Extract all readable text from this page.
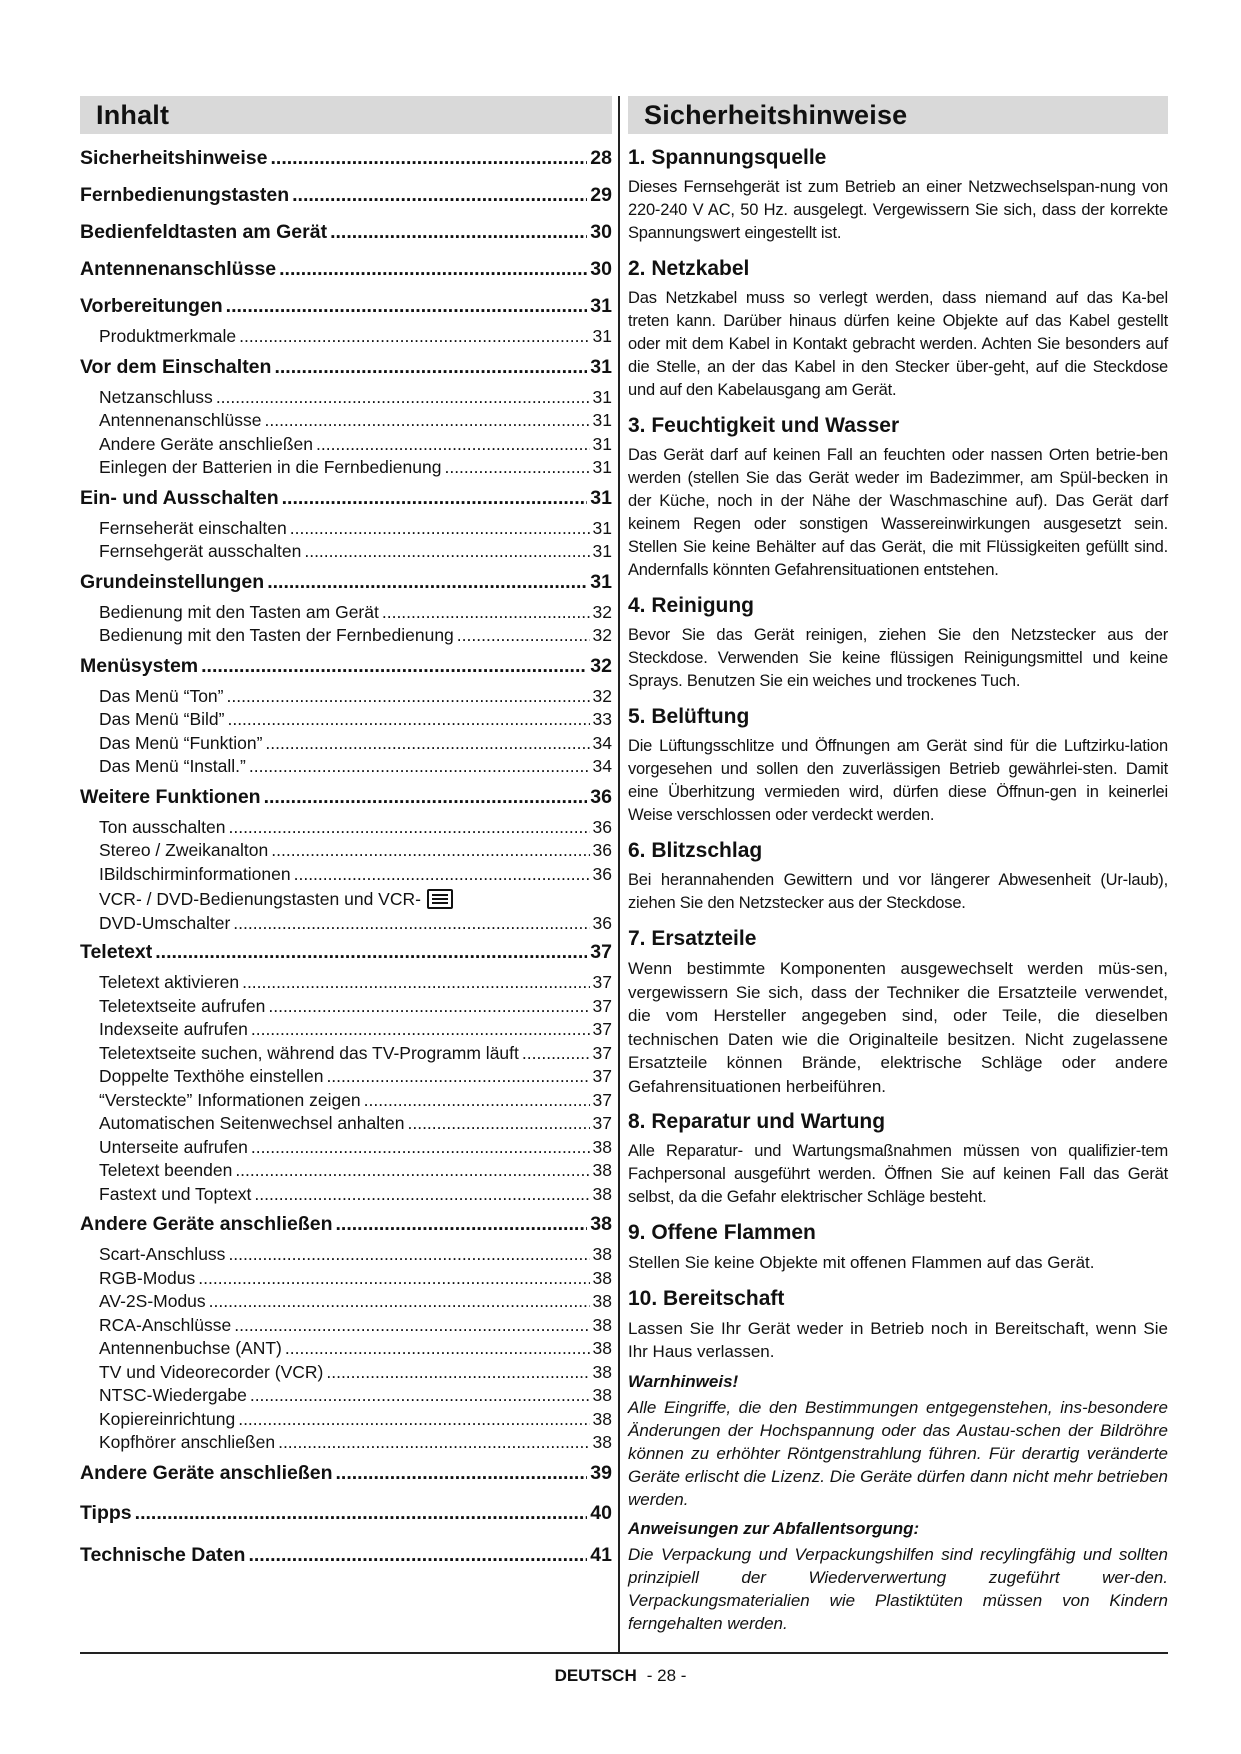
Inhalt
Sicherheitshinweise .....	28
Fernbedienungstasten .....	29
Bedienfeldtasten am Gerät .....	30
Antennenanschlüsse .....	30
Vorbereitungen .....	31
Produktmerkmale .....	31
Vor dem Einschalten .....	31
Netzanschluss .....	31
Antennenanschlüsse .....	31
Andere Geräte anschließen .....	31
Einlegen der Batterien in die Fernbedienung .....	31
Ein- und Ausschalten .....	31
Fernseherät einschalten .....	31
Fernsehgerät ausschalten .....	31
Grundeinstellungen .....	31
Bedienung mit den Tasten am Gerät .....	32
Bedienung mit den Tasten der Fernbedienung .....	32
Menüsystem .....	32
Das Menü “Ton” .....	32
Das Menü “Bild” .....	33
Das Menü “Funktion” .....	34
Das Menü “Install.” .....	34
Weitere Funktionen .....	36
Ton ausschalten .....	36
Stereo / Zweikanalton .....	36
IBildschirminformationen .....	36
VCR- / DVD-Bedienungstasten und VCR-
DVD-Umschalter .....	36
Teletext .....	37
Teletext aktivieren .....	37
Teletextseite aufrufen .....	37
Indexseite aufrufen .....	37
Teletextseite suchen, während das TV-Programm läuft .....	37
Doppelte Texthöhe einstellen .....	37
“Versteckte” Informationen zeigen .....	37
Automatischen Seitenwechsel anhalten .....	37
Unterseite aufrufen .....	38
Teletext beenden .....	38
Fastext und Toptext .....	38
Andere Geräte anschließen .....	38
Scart-Anschluss .....	38
RGB-Modus .....	38
AV-2S-Modus .....	38
RCA-Anschlüsse .....	38
Antennenbuchse (ANT) .....	38
TV und Videorecorder (VCR) .....	38
NTSC-Wiedergabe .....	38
Kopiereinrichtung .....	38
Kopfhörer anschließen .....	38
Andere Geräte anschließen .....	39
Tipps .....	40
Technische Daten .....	41
Sicherheitshinweise
1. Spannungsquelle
Dieses Fernsehgerät ist zum Betrieb an einer Netzwechselspan-nung von 220-240 V AC, 50 Hz. ausgelegt. Vergewissern Sie sich, dass der korrekte Spannungswert eingestellt ist.
2. Netzkabel
Das Netzkabel muss so verlegt werden, dass niemand auf das Ka-bel treten kann. Darüber hinaus dürfen keine Objekte auf das Kabel gestellt oder mit dem Kabel in Kontakt gebracht werden. Achten Sie besonders auf die Stelle, an der das Kabel in den Stecker über-geht, auf die Steckdose und auf den Kabelausgang am Gerät.
3. Feuchtigkeit und Wasser
Das Gerät darf auf keinen Fall an feuchten oder nassen Orten betrie-ben werden (stellen Sie das Gerät weder im Badezimmer, am Spül-becken in der Küche, noch in der Nähe der Waschmaschine auf). Das Gerät darf keinem Regen oder sonstigen Wassereinwirkungen ausgesetzt sein. Stellen Sie keine Behälter auf das Gerät, die mit Flüssigkeiten gefüllt sind. Andernfalls könnten Gefahrensituationen entstehen.
4. Reinigung
Bevor Sie das Gerät reinigen, ziehen Sie den Netzstecker aus der Steckdose. Verwenden Sie keine flüssigen Reinigungsmittel und keine Sprays. Benutzen Sie ein weiches und trockenes Tuch.
5. Belüftung
Die Lüftungsschlitze und Öffnungen am Gerät sind für die Luftzirku-lation vorgesehen und sollen den zuverlässigen Betrieb gewährlei-sten. Damit eine Überhitzung vermieden wird, dürfen diese Öffnun-gen in keinerlei Weise verschlossen oder verdeckt werden.
6. Blitzschlag
Bei herannahenden Gewittern und vor längerer Abwesenheit (Ur-laub), ziehen Sie den Netzstecker aus der Steckdose.
7. Ersatzteile
Wenn bestimmte Komponenten ausgewechselt werden müs-sen, vergewissern Sie sich, dass der Techniker die Ersatzteile verwendet, die vom Hersteller angegeben sind, oder Teile, die dieselben technischen Daten wie die Originalteile besitzen. Nicht zugelassene Ersatzteile können Brände, elektrische Schläge oder andere Gefahrensituationen herbeiführen.
8. Reparatur und Wartung
Alle Reparatur- und Wartungsmaßnahmen müssen von qualifizier-tem Fachpersonal ausgeführt werden. Öffnen Sie auf keinen Fall das Gerät selbst, da die Gefahr elektrischer Schläge besteht.
9. Offene Flammen
Stellen Sie keine Objekte mit offenen Flammen auf das Gerät.
10. Bereitschaft
Lassen Sie Ihr Gerät weder in Betrieb noch in Bereitschaft, wenn Sie Ihr Haus verlassen.
Warnhinweis!
Alle Eingriffe, die den Bestimmungen entgegenstehen, ins-besondere Änderungen der Hochspannung oder das Austau-schen der Bildröhre können zu erhöhter Röntgenstrahlung führen. Für derartig veränderte Geräte erlischt die Lizenz. Die Geräte dürfen dann nicht mehr betrieben werden.
Anweisungen zur Abfallentsorgung:
Die Verpackung und Verpackungshilfen sind recylingfähig und sollten prinzipiell der Wiederverwertung zugeführt wer-den. Verpackungsmaterialien wie Plastiktüten müssen von Kindern ferngehalten werden.
DEUTSCH - 28 -
